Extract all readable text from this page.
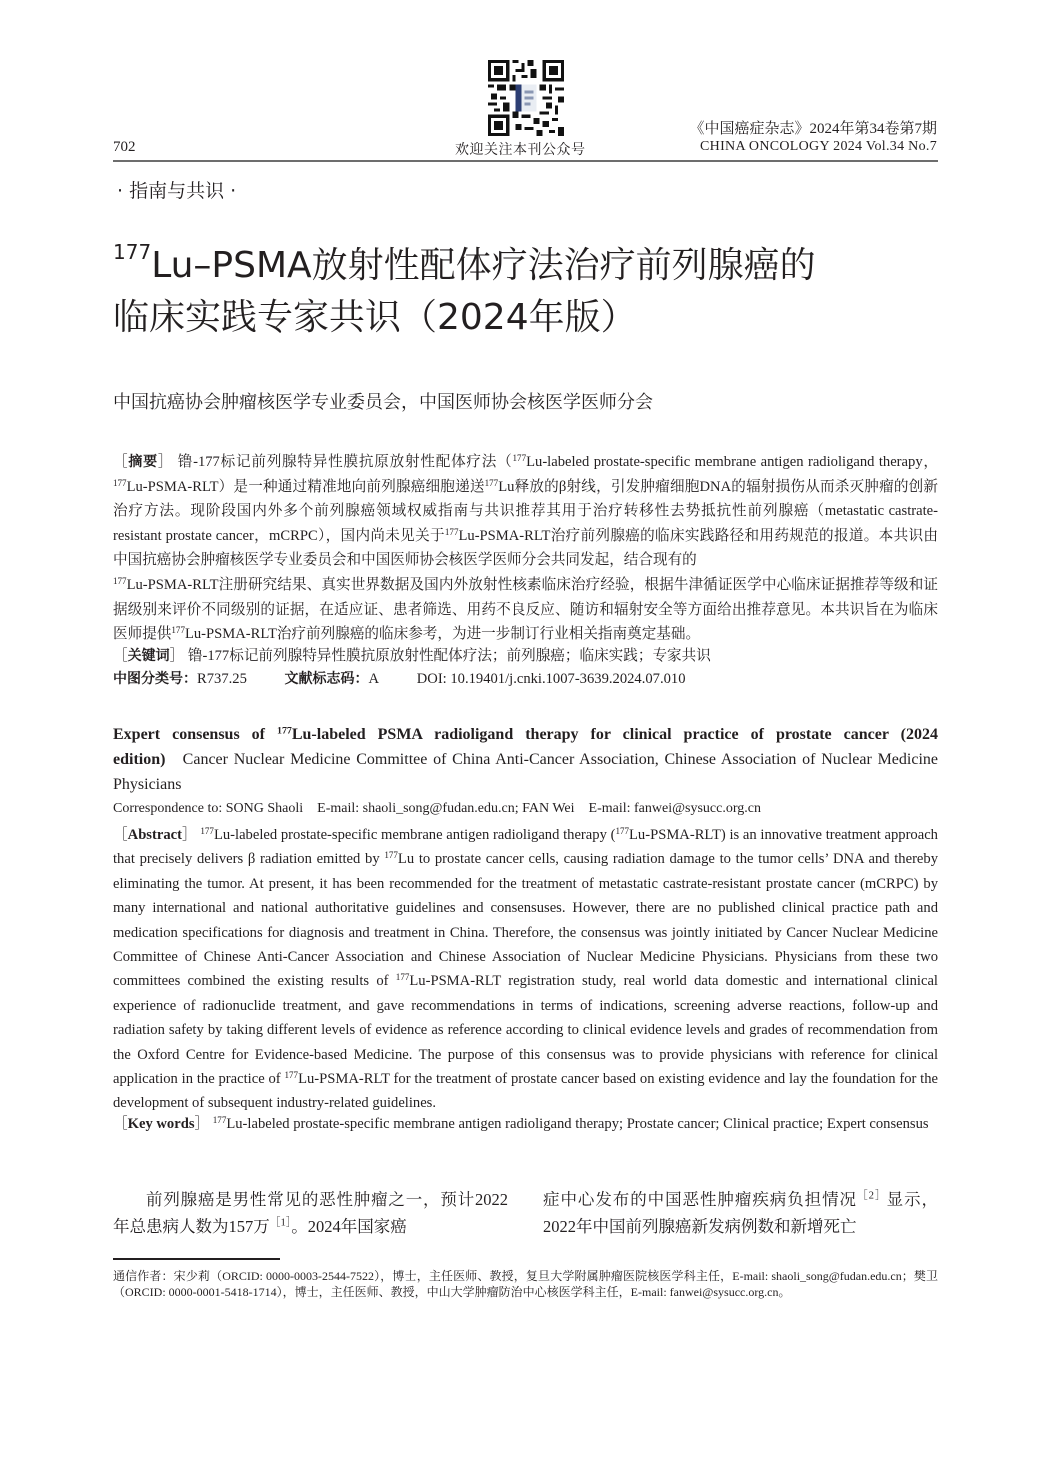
702	欢迎关注本刊公众号
《中国癌症杂志》2024年第34卷第7期
CHINA ONCOLOGY 2024 Vol.34 No.7
· 指南与共识 ·
$^{177}$Lu–PSMA放射性配体疗法治疗前列腺癌的
临床实践专家共识（2024年版）
中国抗癌协会肿瘤核医学专业委员会，中国医师协会核医学医师分会
［摘要］ 镥-177标记前列腺特异性膜抗原放射性配体疗法（$^{177}$Lu-labeled prostate-specific membrane antigen radioligand therapy，$^{177}$Lu-PSMA-RLT）是一种通过精准地向前列腺癌细胞递送$^{177}$Lu释放的β射线，引发肿瘤细胞DNA的辐射损伤从而杀灭肿瘤的创新治疗方法。现阶段国内外多个前列腺癌领域权威指南与共识推荐其用于治疗转移性去势抵抗性前列腺癌（metastatic castrate-resistant prostate cancer，mCRPC），国内尚未见关于$^{177}$Lu-PSMA-RLT治疗前列腺癌的临床实践路径和用药规范的报道。本共识由中国抗癌协会肿瘤核医学专业委员会和中国医师协会核医学医师分会共同发起，结合现有的
$^{177}$Lu-PSMA-RLT注册研究结果、真实世界数据及国内外放射性核素临床治疗经验，根据牛津循证医学中心临床证据推荐等级和证据级别来评价不同级别的证据，在适应证、患者筛选、用药不良反应、随访和辐射安全等方面给出推荐意见。本共识旨在为临床医师提供$^{177}$Lu-PSMA-RLT治疗前列腺癌的临床参考，为进一步制订行业相关指南奠定基础。
［关键词］ 镥-177标记前列腺特异性膜抗原放射性配体疗法；前列腺癌；临床实践；专家共识
中图分类号：R737.25	文献标志码：A	DOI: 10.19401/j.cnki.1007-3639.2024.07.010
Expert consensus of $^{177}$Lu-labeled PSMA radioligand therapy for clinical practice of prostate cancer (2024 edition) Cancer Nuclear Medicine Committee of China Anti-Cancer Association, Chinese Association of Nuclear Medicine Physicians
Correspondence to: SONG Shaoli E-mail: shaoli_song@fudan.edu.cn; FAN Wei E-mail: fanwei@sysucc.org.cn
［Abstract］ $^{177}$Lu-labeled prostate-specific membrane antigen radioligand therapy ($^{177}$Lu-PSMA-RLT) is an innovative treatment approach that precisely delivers β radiation emitted by $^{177}$Lu to prostate cancer cells, causing radiation damage to the tumor cells’ DNA and thereby eliminating the tumor. At present, it has been recommended for the treatment of metastatic castrate-resistant prostate cancer (mCRPC) by many international and national authoritative guidelines and consensuses. However, there are no published clinical practice path and medication specifications for diagnosis and treatment in China. Therefore, the consensus was jointly initiated by Cancer Nuclear Medicine Committee of Chinese Anti-Cancer Association and Chinese Association of Nuclear Medicine Physicians. Physicians from these two committees combined the existing results of $^{177}$Lu-PSMA-RLT registration study, real world data domestic and international clinical experience of radionuclide treatment, and gave recommendations in terms of indications, screening adverse reactions, follow-up and radiation safety by taking different levels of evidence as reference according to clinical evidence levels and grades of recommendation from the Oxford Centre for Evidence-based Medicine. The purpose of this consensus was to provide physicians with reference for clinical application in the practice of $^{177}$Lu-PSMA-RLT for the treatment of prostate cancer based on existing evidence and lay the foundation for the development of subsequent industry-related guidelines.
［Key words］ $^{177}$Lu-labeled prostate-specific membrane antigen radioligand therapy; Prostate cancer; Clinical practice; Expert consensus
前列腺癌是男性常见的恶性肿瘤之一，预计2022年总患病人数为157万$^{[1]}$。2024年国家癌
症中心发布的中国恶性肿瘤疾病负担情况$^{[2]}$显示，2022年中国前列腺癌新发病例数和新增死亡
通信作者：宋少莉（ORCID: 0000-0003-2544-7522），博士，主任医师、教授，复旦大学附属肿瘤医院核医学科主任，E-mail: shaoli_song@fudan.edu.cn；樊卫（ORCID: 0000-0001-5418-1714），博士，主任医师、教授，中山大学肿瘤防治中心核医学科主任，E-mail: fanwei@sysucc.org.cn。
